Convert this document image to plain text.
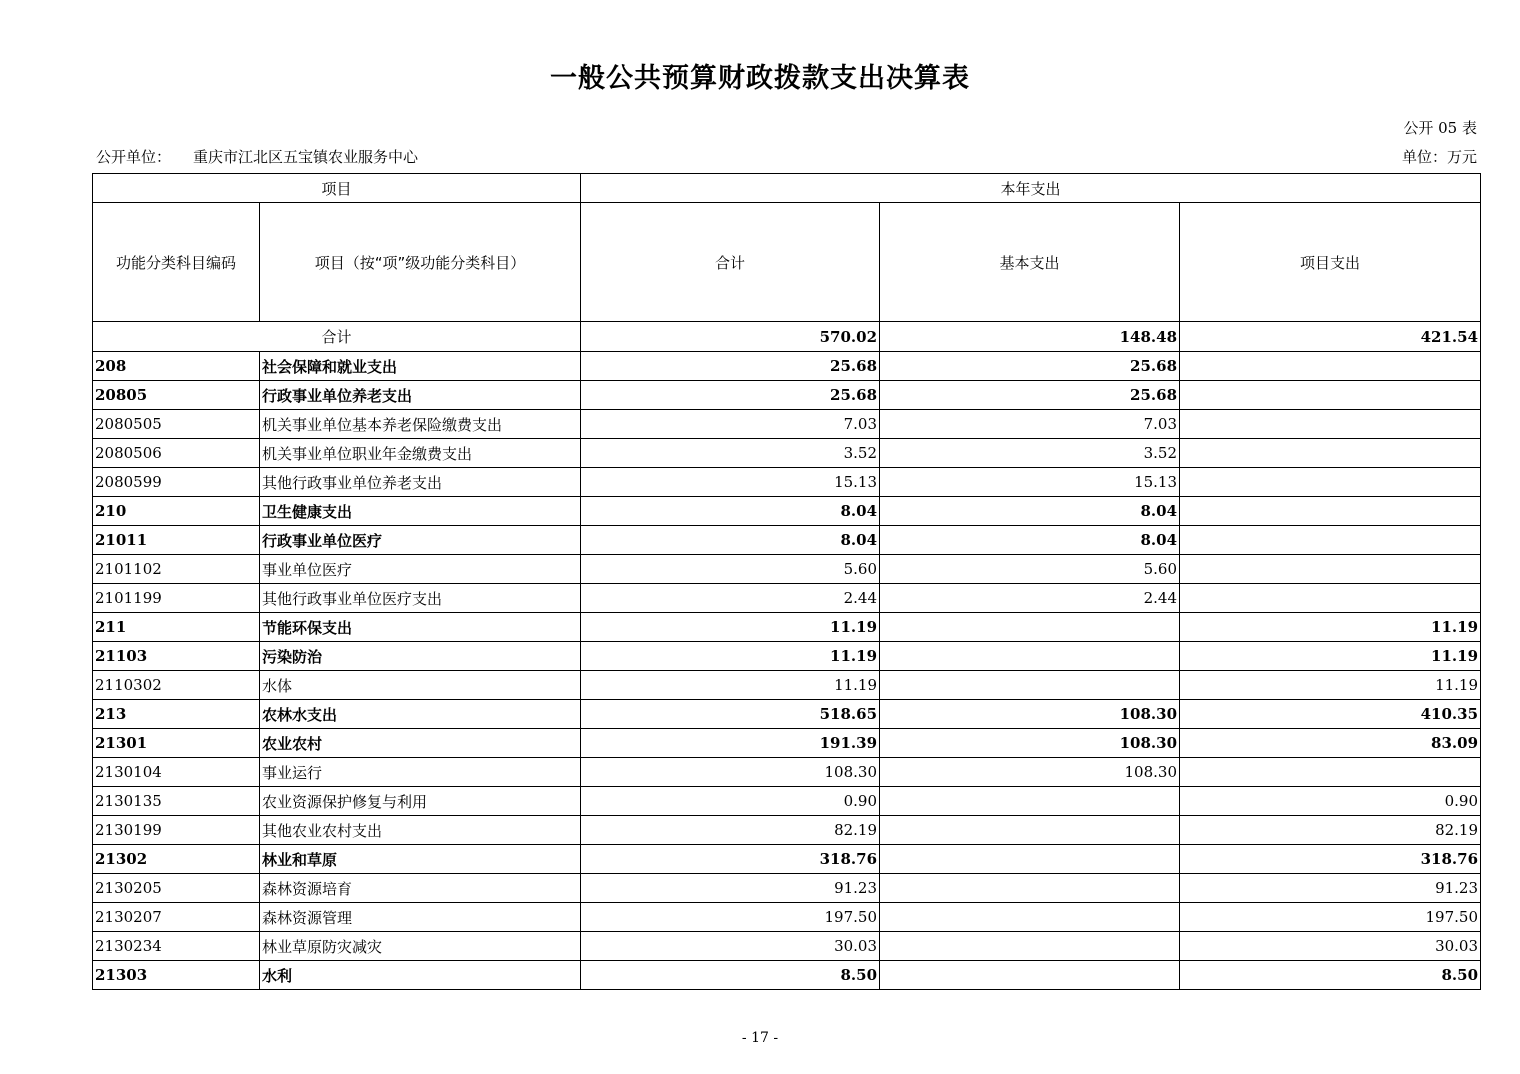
一般公共预算财政拨款支出决算表
公开 05 表
公开单位： 重庆市江北区五宝镇农业服务中心	单位：万元
项目		本年支出		
功能分类科目编码	项目（按“项”级功能分类科目）	合计	基本支出	项目支出
合计		570.02	148.48	421.54
208	社会保障和就业支出	25.68	25.68	
20805	行政事业单位养老支出	25.68	25.68	
2080505	机关事业单位基本养老保险缴费支出	7.03	7.03	
2080506	机关事业单位职业年金缴费支出	3.52	3.52	
2080599	其他行政事业单位养老支出	15.13	15.13	
210	卫生健康支出	8.04	8.04	
21011	行政事业单位医疗	8.04	8.04	
2101102	事业单位医疗	5.60	5.60	
2101199	其他行政事业单位医疗支出	2.44	2.44	
211	节能环保支出	11.19		11.19
21103	污染防治	11.19		11.19
2110302	水体	11.19		11.19
213	农林水支出	518.65	108.30	410.35
21301	农业农村	191.39	108.30	83.09
2130104	事业运行	108.30	108.30	
2130135	农业资源保护修复与利用	0.90		0.90
2130199	其他农业农村支出	82.19		82.19
21302	林业和草原	318.76		318.76
2130205	森林资源培育	91.23		91.23
2130207	森林资源管理	197.50		197.50
2130234	林业草原防灾减灾	30.03		30.03
21303	水利	8.50		8.50
- 17 -
